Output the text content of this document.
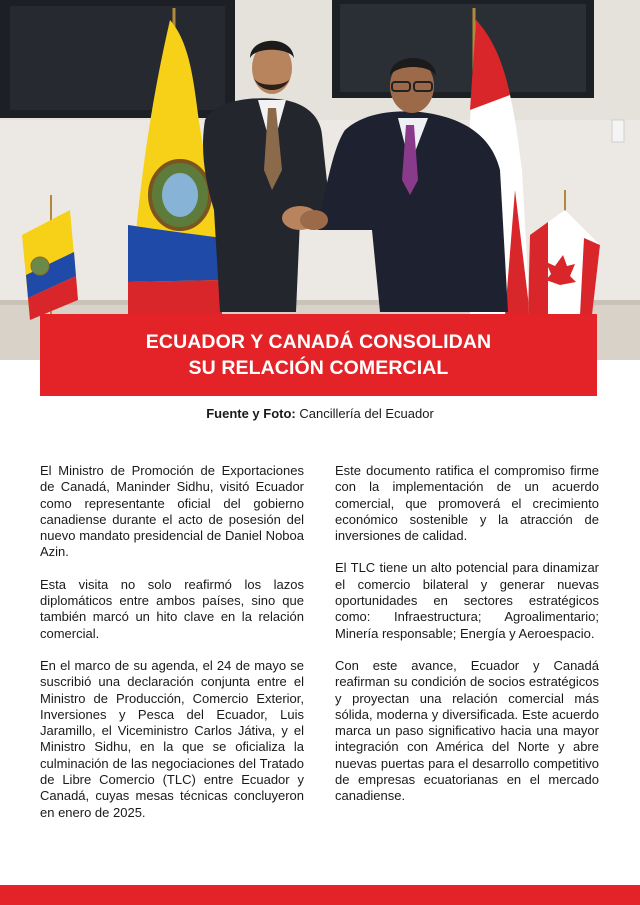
ECUADOR Y CANADÁ CONSOLIDAN
SU RELACIÓN COMERCIAL
Fuente y Foto: Cancillería del Ecuador

El Ministro de Promoción de Exportaciones de Canadá, Maninder Sidhu, visitó Ecuador como representante oficial del gobierno canadiense durante el acto de posesión del nuevo mandato presidencial de Daniel Noboa Azin.

Esta visita no solo reafirmó los lazos diplomáticos entre ambos países, sino que también marcó un hito clave en la relación comercial.

En el marco de su agenda, el 24 de mayo se suscribió una declaración conjunta entre el Ministro de Producción, Comercio Exterior, Inversiones y Pesca del Ecuador, Luis Jaramillo, el Viceministro Carlos Játiva, y el Ministro Sidhu, en la que se oficializa la culminación de las negociaciones del Tratado de Libre Comercio (TLC) entre Ecuador y Canadá, cuyas mesas técnicas concluyeron en enero de 2025.

Este documento ratifica el compromiso firme con la implementación de un acuerdo comercial, que promoverá el crecimiento económico sostenible y la atracción de inversiones de calidad.

El TLC tiene un alto potencial para dinamizar el comercio bilateral y generar nuevas oportunidades en sectores estratégicos como: Infraestructura; Agroalimentario; Minería responsable; Energía y Aeroespacio.

Con este avance, Ecuador y Canadá reafirman su condición de socios estratégicos y proyectan una relación comercial más sólida, moderna y diversificada. Este acuerdo marca un paso significativo hacia una mayor integración con América del Norte y abre nuevas puertas para el desarrollo competitivo de empresas ecuatorianas en el mercado canadiense.
